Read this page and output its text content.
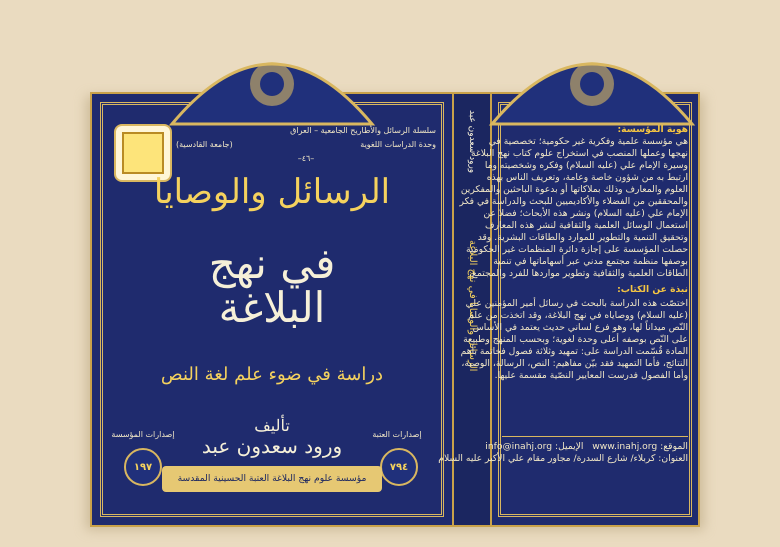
سلسلة الرسائل والأطاريح الجامعية – العراق
(جامعة القادسية)	وحدة الدراسات اللغوية
–٤٦–
الرسائل والوصايا
في نهج البلاغة
دراسة في ضوء علم لغة النص
تأليف
ورود سعدون عبد
إصدارات المؤسسة
١٩٧
إصدارات العتبة
٧٩٤
مؤسسة علوم نهج البلاغة العتبة الحسينية المقدسة
الرسائل والوصايا في نهج البلاغة
ورود سعدون عبد	هوية المؤسسة:
هي مؤسسة علمية وفكرية غير حكومية؛ تخصصية في
نهجها وعملها المنصب في استخراج علوم كتاب نهج البلاغة
وسيرة الإمام علي (عليه السلام) وفكره وشخصيته وما
ارتبط به من شؤون خاصة وعامة، وتعريف الناس بهذه
العلوم والمعارف وذلك بملاكاتها أو بدعوة الباحثين والمفكرين
والمحققين من الفضلاء والأكاديميين للبحث والدراسة في فكر
الإمام علي (عليه السلام) ونشر هذه الأبحاث؛ فضلا عن
استعمال الوسائل العلمية والثقافية لنشر هذه المعارف
وتحقيق التنمية والتطوير للموارد والطاقات البشرية. وقد
حصلت المؤسسة على إجازة دائرة المنظمات غير الحكومية
بوصفها منظمة مجتمع مدني عبر أسهاماتها في تنمية
الطاقات العلمية والثقافية وتطوير مواردها للفرد والمجتمع.
نبذة عن الكتاب:
اختصّت هذه الدراسة بالبحث في رسائل أمير المؤمنين علي
(عليه السلام) ووصاياه في نهج البلاغة، وقد اتخذت من علم
النّص ميداناً لها، وهو فرع لساني حديث يعتمد في الأساس
على النّص بوصفه أعلى وحدة لغوية؛ وبحسب المنهج وطبيعة
المادة قُسّمت الدراسة على: تمهيد وثلاثة فصول فخاتمة بأهم
النتائج، فأما التمهيد فقد بيّن مفاهيم: النص، الرسالة، الوصية،
وأما الفصول فدرست المعايير النصّية مقسمة عليها.
الموقع: www.inahj.org   الإيميل: info@inahj.org
العنوان: كربلاء/ شارع السدرة/ مجاور مقام علي الأكبر عليه السلام
